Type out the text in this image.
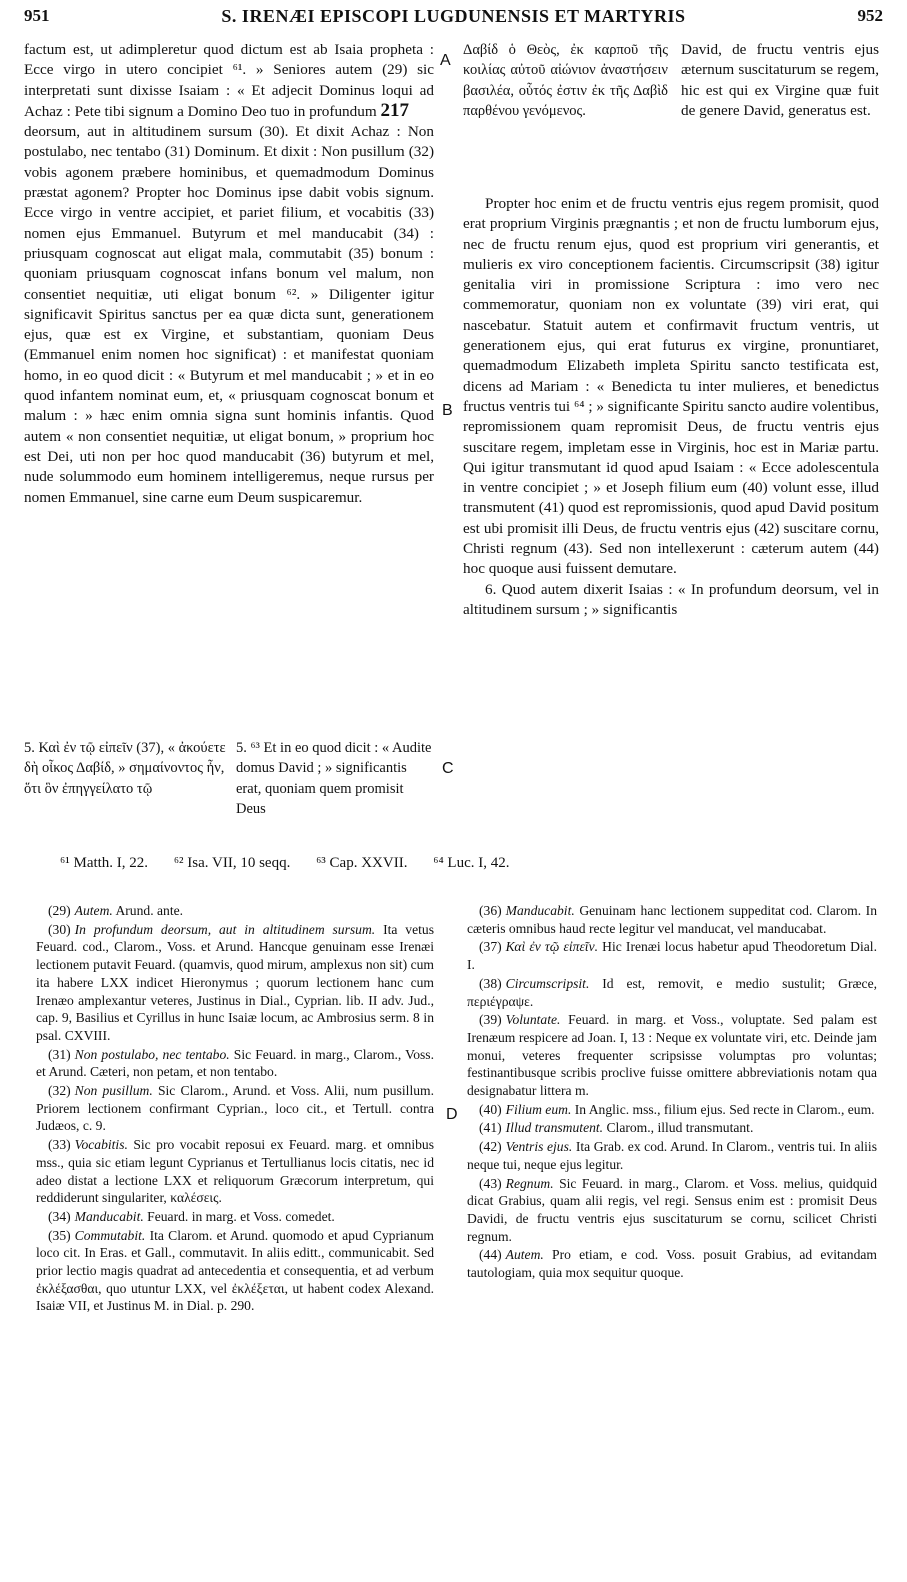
951	S. IRENÆI EPISCOPI LUGDUNENSIS ET MARTYRIS	952

factum est, ut adimpleretur quod dictum est ab Isaia propheta : Ecce virgo in utero concipiet ⁶¹. » Seniores autem (29) sic interpretati sunt dixisse Isaiam : « Et adjecit Dominus loqui ad Achaz : Pete tibi signum a Domino Deo tuo in profundum 217

deorsum, aut in altitudinem sursum (30). Et dixit Achaz : Non postulabo, nec tentabo (31) Dominum. Et dixit : Non pusillum (32) vobis agonem præbere hominibus, et quemadmodum Dominus præstat agonem? Propter hoc Dominus ipse dabit vobis signum. Ecce virgo in ventre accipiet, et pariet filium, et vocabitis (33) nomen ejus Emmanuel. Butyrum et mel manducabit (34) : priusquam cognoscat aut eligat mala, commutabit (35) bonum : quoniam priusquam cognoscat infans bonum vel malum, non consentiet nequitiæ, uti eligat bonum ⁶². » Diligenter igitur significavit Spiritus sanctus per ea quæ dicta sunt, generationem ejus, quæ est ex Virgine, et substantiam, quoniam Deus (Emmanuel enim nomen hoc significat) : et manifestat quoniam homo, in eo quod dicit : « Butyrum et mel manducabit ; » et in eo quod infantem nominat eum, et, « priusquam cognoscat bonum et malum : » hæc enim omnia signa sunt hominis infantis. Quod autem « non consentiet nequitiæ, ut eligat bonum, » proprium hoc est Dei, uti non per hoc quod manducabit (36) butyrum et mel, nude solummodo eum hominem intelligeremus, neque rursus per nomen Emmanuel, sine carne eum Deum suspicaremur.

Δαβίδ ὁ Θεὸς, ἐκ καρποῦ τῆς κοιλίας αὐτοῦ αἰώνιον ἀναστήσειν βασιλέα, οὗτός ἐστιν ἐκ τῆς Δαβὶδ παρθένου γενόμενος.
David, de fructu ventris ejus æternum suscitaturum se regem, hic est qui ex Virgine quæ fuit de genere David, generatus est.

Propter hoc enim et de fructu ventris ejus regem promisit, quod erat proprium Virginis prægnantis ; et non de fructu lumborum ejus, nec de fructu renum ejus, quod est proprium viri generantis, et mulieris ex viro conceptionem facientis. Circumscripsit (38) igitur genitalia viri in promissione Scriptura : imo vero nec commemoratur, quoniam non ex voluntate (39) viri erat, qui nascebatur. Statuit autem et confirmavit fructum ventris, ut generationem ejus, qui erat futurus ex virgine, pronuntiaret, quemadmodum Elizabeth impleta Spiritu sancto testificata est, dicens ad Mariam : « Benedicta tu inter mulieres, et benedictus fructus ventris tui ⁶⁴ ; » significante Spiritu sancto audire volentibus, repromissionem quam repromisit Deus, de fructu ventris ejus suscitare regem, impletam esse in Virginis, hoc est in Mariæ partu. Qui igitur transmutant id quod apud Isaiam : « Ecce adolescentula in ventre concipiet ; » et Joseph filium eum (40) volunt esse, illud transmutent (41) quod est repromissionis, quod apud David positum est ubi promisit illi Deus, de fructu ventris ejus (42) suscitare cornu, Christi regnum (43). Sed non intellexerunt : cæterum autem (44) hoc quoque ausi fuissent demutare.

6. Quod autem dixerit Isaias : « In profundum deorsum, vel in altitudinem sursum ; » significantis

5. Καὶ ἐν τῷ εἰπεῖν (37), « ἀκούετε δὴ οἶκος Δαβίδ, » σημαίνοντος ἦν, ὅτι ὃν ἐπηγγείλατο τῷ
5. ⁶³ Et in eo quod dicit : « Audite domus David ; » significantis erat, quoniam quem promisit Deus
A
B
C
D
⁶¹ Matth. I, 22. ⁶² Isa. VII, 10 seqq. ⁶³ Cap. XXVII. ⁶⁴ Luc. I, 42.

(29) Autem. Arund. ante.

(30) In profundum deorsum, aut in altitudinem sursum. Ita vetus Feuard. cod., Clarom., Voss. et Arund. Hancque genuinam esse Irenæi lectionem putavit Feuard. (quamvis, quod mirum, amplexus non sit) cum ita habere LXX indicet Hieronymus ; quorum lectionem hanc cum Irenæo amplexantur veteres, Justinus in Dial., Cyprian. lib. II adv. Jud., cap. 9, Basilius et Cyrillus in hunc Isaiæ locum, ac Ambrosius serm. 8 in psal. CXVIII.

(31) Non postulabo, nec tentabo. Sic Feuard. in marg., Clarom., Voss. et Arund. Cæteri, non petam, et non tentabo.

(32) Non pusillum. Sic Clarom., Arund. et Voss. Alii, num pusillum. Priorem lectionem confirmant Cyprian., loco cit., et Tertull. contra Judæos, c. 9.

(33) Vocabitis. Sic pro vocabit reposui ex Feuard. marg. et omnibus mss., quia sic etiam legunt Cyprianus et Tertullianus locis citatis, nec id adeo distat a lectione LXX et reliquorum Græcorum interpretum, qui reddiderunt singulariter, καλέσεις.

(34) Manducabit. Feuard. in marg. et Voss. comedet.

(35) Commutabit. Ita Clarom. et Arund. quomodo et apud Cyprianum loco cit. In Eras. et Gall., commutavit. In aliis editt., communicabit. Sed prior lectio magis quadrat ad antecedentia et consequentia, et ad verbum ἐκλέξασθαι, quo utuntur LXX, vel ἐκλέξεται, ut habent codex Alexand. Isaiæ VII, et Justinus M. in Dial. p. 290.

(36) Manducabit. Genuinam hanc lectionem suppeditat cod. Clarom. In cæteris omnibus haud recte legitur vel manducat, vel manducabat.

(37) Καὶ ἐν τῷ εἰπεῖν. Hic Irenæi locus habetur apud Theodoretum Dial. I.

(38) Circumscripsit. Id est, removit, e medio sustulit; Græce, περιέγραψε.

(39) Voluntate. Feuard. in marg. et Voss., voluptate. Sed palam est Irenæum respicere ad Joan. I, 13 : Neque ex voluntate viri, etc. Deinde jam monui, veteres frequenter scripsisse volumptas pro voluntas; festinantibusque scribis proclive fuisse omittere abbreviationis notam qua designabatur littera m.

(40) Filium eum. In Anglic. mss., filium ejus. Sed recte in Clarom., eum.

(41) Illud transmutent. Clarom., illud transmutant.

(42) Ventris ejus. Ita Grab. ex cod. Arund. In Clarom., ventris tui. In aliis neque tui, neque ejus legitur.

(43) Regnum. Sic Feuard. in marg., Clarom. et Voss. melius, quidquid dicat Grabius, quam alii regis, vel regi. Sensus enim est : promisit Deus Davidi, de fructu ventris ejus suscitaturum se cornu, scilicet Christi regnum.

(44) Autem. Pro etiam, e cod. Voss. posuit Grabius, ad evitandam tautologiam, quia mox sequitur quoque.
